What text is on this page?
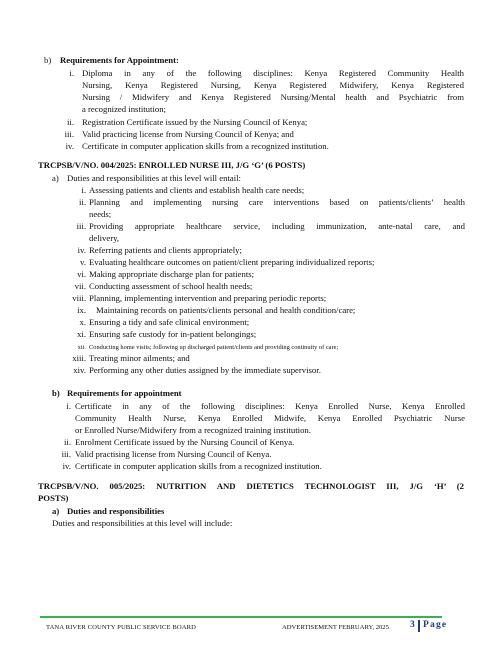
b) Requirements for Appointment:
i. Diploma in any of the following disciplines: Kenya Registered Community Health
Nursing, Kenya Registered Nursing, Kenya Registered Midwifery, Kenya Registered
Nursing / Midwifery and Kenya Registered Nursing/Mental health and Psychiatric from
a recognized institution;
ii. Registration Certificate issued by the Nursing Council of Kenya;
iii. Valid practicing license from Nursing Council of Kenya; and
iv. Certificate in computer application skills from a recognized institution.
TRCPSB/V/NO. 004/2025: ENROLLED NURSE III, J/G ‘G’ (6 POSTS)
a) Duties and responsibilities at this level will entail:
i. Assessing patients and clients and establish health care needs;
ii. Planning and implementing nursing care interventions based on patients/clients’ health
needs;
iii. Providing appropriate healthcare service, including immunization, ante-natal care, and
delivery,
iv. Referring patients and clients appropriately;
v. Evaluating healthcare outcomes on patient/client preparing individualized reports;
vi. Making appropriate discharge plan for patients;
vii. Conducting assessment of school health needs;
viii. Planning, implementing intervention and preparing periodic reports;
ix. Maintaining records on patients/clients personal and health condition/care;
x. Ensuring a tidy and safe clinical environment;
xi. Ensuring safe custody for in-patient belongings;
xii. Conducting home visits; following up discharged patient/clients and providing continuity of care;
xiii. Treating minor ailments; and
xiv. Performing any other duties assigned by the immediate supervisor.
b) Requirements for appointment
i. Certificate in any of the following disciplines: Kenya Enrolled Nurse, Kenya Enrolled
Community Health Nurse, Kenya Enrolled Midwife, Kenya Enrolled Psychiatric Nurse
or Enrolled Nurse/Midwifery from a recognized training institution.
ii. Enrolment Certificate issued by the Nursing Council of Kenya.
iii. Valid practising license from Nursing Council of Kenya.
iv. Certificate in computer application skills from a recognized institution.
TRCPSB/V/NO. 005/2025: NUTRITION AND DIETETICS TECHNOLOGIST III, J/G ‘H’ (2
POSTS)
a) Duties and responsibilities
Duties and responsibilities at this level will include:
TANA RIVER COUNTY PUBLIC SERVICE BOARD	ADVERTISEMENT FEBRUARY, 2025 3 Page
